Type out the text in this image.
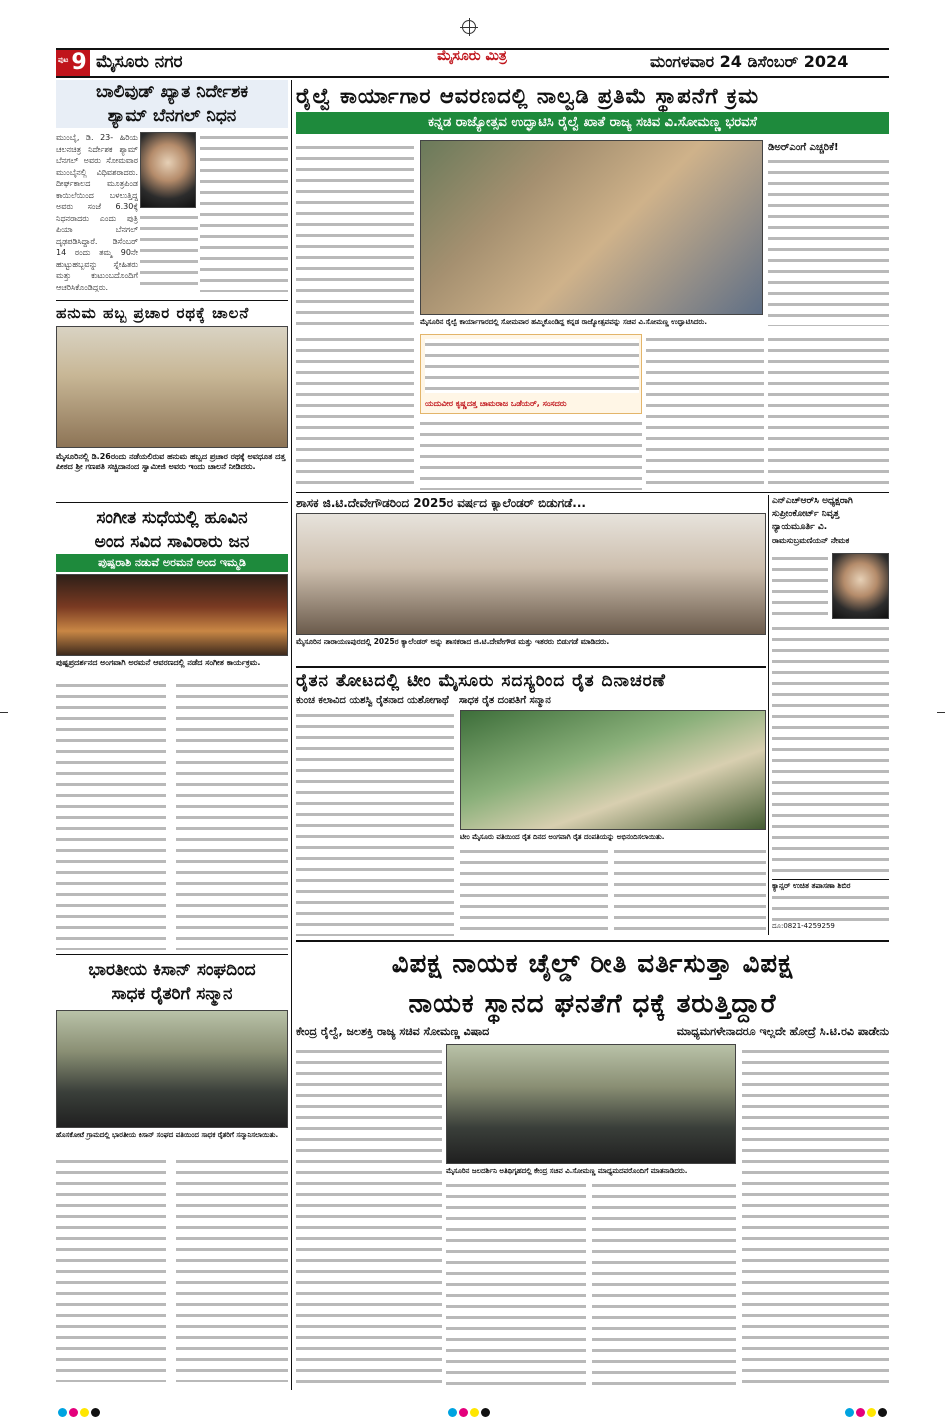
9
ಪುಟ ಮೈಸೂರು ನಗರ	ಮೈಸೂರು ಮಿತ್ರ	ಮಂಗಳವಾರ 24 ಡಿಸೆಂಬರ್ 2024
ಬಾಲಿವುಡ್ ಖ್ಯಾತ ನಿರ್ದೇಶಕ
ಶ್ಯಾಮ್ ಬೆನಗಲ್ ನಿಧನ
ಮುಂಬೈ, ಡಿ. 23- ಹಿರಿಯ ಚಲನಚಿತ್ರ ನಿರ್ದೇಶಕ ಶ್ಯಾಮ್ ಬೆನಗಲ್ ಅವರು ಸೋಮವಾರ ಮುಂಬೈನಲ್ಲಿ ವಿಧಿವಶರಾದರು. ದೀರ್ಘಕಾಲದ ಮೂತ್ರಪಿಂಡ ಕಾಯಿಲೆಯಿಂದ ಬಳಲುತ್ತಿದ್ದ ಅವರು ಸಂಜೆ 6.30ಕ್ಕೆ ನಿಧನರಾದರು ಎಂದು ಪುತ್ರಿ ಪಿಯಾ ಬೆನಗಲ್ ದೃಢಪಡಿಸಿದ್ದಾರೆ. ಡಿಸೆಂಬರ್ 14 ರಂದು ತಮ್ಮ 90ನೇ ಹುಟ್ಟುಹಬ್ಬವನ್ನು ಸ್ನೇಹಿತರು ಮತ್ತು ಕುಟುಂಬದೊಂದಿಗೆ ಆಚರಿಸಿಕೊಂಡಿದ್ದರು.
ಹನುಮ ಹಬ್ಬ ಪ್ರಚಾರ ರಥಕ್ಕೆ ಚಾಲನೆ
ಮೈಸೂರಿನಲ್ಲಿ ಡಿ.26ರಂದು ನಡೆಯಲಿರುವ ಹನುಮ ಹಬ್ಬದ ಪ್ರಚಾರ ರಥಕ್ಕೆ ಅವಧೂತ ದತ್ತ ಪೀಠದ ಶ್ರೀ ಗಣಪತಿ ಸಚ್ಚಿದಾನಂದ ಸ್ವಾಮೀಜಿ ಅವರು ಇಂದು ಚಾಲನೆ ನೀಡಿದರು.
ಸಂಗೀತ ಸುಧೆಯಲ್ಲಿ ಹೂವಿನ
ಅಂದ ಸವಿದ ಸಾವಿರಾರು ಜನ
ಪುಷ್ಪರಾಶಿ ನಡುವೆ ಅರಮನೆ ಅಂದ ಇಮ್ಮಡಿ
ಪುಷ್ಪಪ್ರದರ್ಶನದ ಅಂಗವಾಗಿ ಅರಮನೆ ಆವರಣದಲ್ಲಿ ನಡೆದ ಸಂಗೀತ ಕಾರ್ಯಕ್ರಮ.
ಭಾರತೀಯ ಕಿಸಾನ್ ಸಂಘದಿಂದ
ಸಾಧಕ ರೈತರಿಗೆ ಸನ್ಮಾನ
ಹೊಸಕೋಟೆ ಗ್ರಾಮದಲ್ಲಿ ಭಾರತೀಯ ಕಿಸಾನ್ ಸಂಘದ ವತಿಯಿಂದ ಸಾಧಕ ರೈತರಿಗೆ ಸನ್ಮಾನಿಸಲಾಯಿತು.
ರೈಲ್ವೆ ಕಾರ್ಯಾಗಾರ ಆವರಣದಲ್ಲಿ ನಾಲ್ವಡಿ ಪ್ರತಿಮೆ ಸ್ಥಾಪನೆಗೆ ಕ್ರಮ
ಕನ್ನಡ ರಾಜ್ಯೋತ್ಸವ ಉದ್ಘಾಟಿಸಿ ರೈಲ್ವೆ ಖಾತೆ ರಾಜ್ಯ ಸಚಿವ ವಿ.ಸೋಮಣ್ಣ ಭರವಸೆ
ಮೈಸೂರಿನ ರೈಲ್ವೆ ಕಾರ್ಯಾಗಾರದಲ್ಲಿ ಸೋಮವಾರ ಹಮ್ಮಿಕೊಂಡಿದ್ದ ಕನ್ನಡ ರಾಜ್ಯೋತ್ಸವವನ್ನು ಸಚಿವ ವಿ.ಸೋಮಣ್ಣ ಉದ್ಘಾಟಿಸಿದರು.
ಡಿಅರ್‌ಎಂಗೆ ಎಚ್ಚರಿಕೆ!
ಯದುವೀರ ಕೃಷ್ಣದತ್ತ ಚಾಮರಾಜ ಒಡೆಯರ್, ಸಂಸದರು
ಶಾಸಕ ಜಿ.ಟಿ.ದೇವೇಗೌಡರಿಂದ 2025ರ ವರ್ಷದ ಕ್ಯಾಲೆಂಡರ್ ಬಿಡುಗಡೆ...
ಮೈಸೂರಿನ ನಾರಾಯಣಪುರದಲ್ಲಿ 2025ರ ಕ್ಯಾಲೆಂಡರ್ ಅನ್ನು ಶಾಸಕರಾದ ಜಿ.ಟಿ.ದೇವೇಗೌಡ ಮತ್ತು ಇತರರು ಬಿಡುಗಡೆ ಮಾಡಿದರು.
ಎನ್‌ಎಚ್‌ಆರ್‌ಸಿ ಅಧ್ಯಕ್ಷರಾಗಿ
ಸುಪ್ರೀಂಕೋರ್ಟ್ ನಿವೃತ್ತ
ನ್ಯಾಯಮೂರ್ತಿ ವಿ.
ರಾಮಸುಬ್ರಮಣಿಯನ್ ನೇಮಕ
ಕ್ಯಾನ್ಸರ್ ಉಚಿತ ತಪಾಸಣಾ ಶಿಬಿರ
ದೂ:0821-4259259
ರೈತನ ತೋಟದಲ್ಲಿ ಟೀಂ ಮೈಸೂರು ಸದಸ್ಯರಿಂದ ರೈತ ದಿನಾಚರಣೆ
ಕುಂಚ ಕಲಾವಿದ ಯಶಸ್ವಿ ರೈತನಾದ ಯಶೋಗಾಥೆ ಸಾಧಕ ರೈತ ದಂಪತಿಗೆ ಸನ್ಮಾನ
ಟೀಂ ಮೈಸೂರು ವತಿಯಿಂದ ರೈತ ದಿನದ ಅಂಗವಾಗಿ ರೈತ ದಂಪತಿಯನ್ನು ಅಭಿನಂದಿಸಲಾಯಿತು.
ವಿಪಕ್ಷ ನಾಯಕ ಚೈಲ್ಡ್ ರೀತಿ ವರ್ತಿಸುತ್ತಾ ವಿಪಕ್ಷ
ನಾಯಕ ಸ್ಥಾನದ ಘನತೆಗೆ ಧಕ್ಕೆ ತರುತ್ತಿದ್ದಾರೆ
ಕೇಂದ್ರ ರೈಲ್ವೆ, ಜಲಶಕ್ತಿ ರಾಜ್ಯ ಸಚಿವ ಸೋಮಣ್ಣ ವಿಷಾದ	ಮಾಧ್ಯಮಗಳೇನಾದರೂ ಇಲ್ಲದೇ ಹೋದ್ರೆ ಸಿ.ಟಿ.ರವಿ ಪಾಡೇನು
ಮೈಸೂರಿನ ಜಲದರ್ಶಿನಿ ಅತಿಥಿಗೃಹದಲ್ಲಿ ಕೇಂದ್ರ ಸಚಿವ ವಿ.ಸೋಮಣ್ಣ ಮಾಧ್ಯಮದವರೊಂದಿಗೆ ಮಾತನಾಡಿದರು.
